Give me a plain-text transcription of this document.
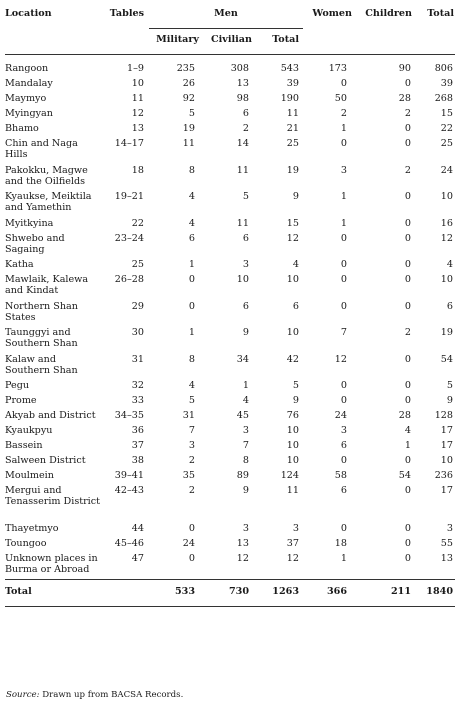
Location	Tables	Men			Women	Children	Total
		Military	Civilian	Total			
Rangoon	1–9	235	308	543	173	90	806
Mandalay	10	26	13	39	0	0	39
Maymyo	11	92	98	190	50	28	268
Myingyan	12	5	6	11	2	2	15
Bhamo	13	19	2	21	1	0	22
Chin and Naga Hills	14–17	11	14	25	0	0	25
Pakokku, Magwe and the Oilfields	18	8	11	19	3	2	24
Kyaukse, Meiktila and Yamethin	19–21	4	5	9	1	0	10
Myitkyina	22	4	11	15	1	0	16
Shwebo and Sagaing	23–24	6	6	12	0	0	12
Katha	25	1	3	4	0	0	4
Mawlaik, Kalewa and Kindat	26–28	0	10	10	0	0	10
Northern Shan States	29	0	6	6	0	0	6
Taunggyi and Southern Shan	30	1	9	10	7	2	19
Kalaw and Southern Shan	31	8	34	42	12	0	54
Pegu	32	4	1	5	0	0	5
Prome	33	5	4	9	0	0	9
Akyab and District	34–35	31	45	76	24	28	128
Kyaukpyu	36	7	3	10	3	4	17
Bassein	37	3	7	10	6	1	17
Salween District	38	2	8	10	0	0	10
Moulmein	39–41	35	89	124	58	54	236
Mergui and Tenasserim District	42–43	2	9	11	6	0	17
Thayetmyo	44	0	3	3	0	0	3
Toungoo	45–46	24	13	37	18	0	55
Unknown places in Burma or Abroad	47	0	12	12	1	0	13
Total		533	730	1263	366	211	1840
Source: Drawn up from BACSA Records.
